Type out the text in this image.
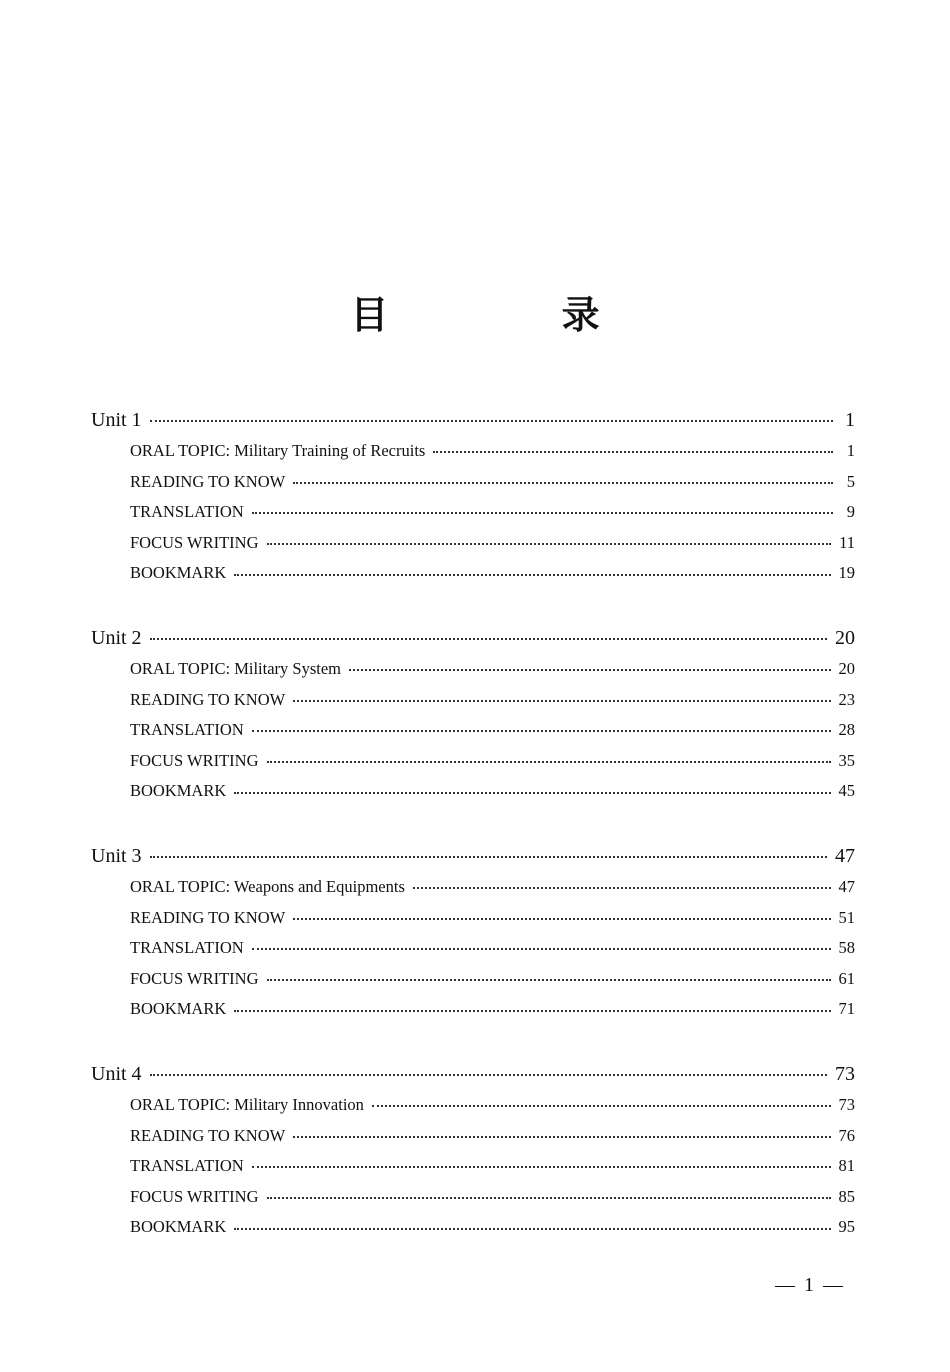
目 录
Unit 1	1
ORAL TOPIC: Military Training of Recruits	1
READING TO KNOW	5
TRANSLATION	9
FOCUS WRITING	11
BOOKMARK	19
Unit 2	20
ORAL TOPIC: Military System	20
READING TO KNOW	23
TRANSLATION	28
FOCUS WRITING	35
BOOKMARK	45
Unit 3	47
ORAL TOPIC: Weapons and Equipments	47
READING TO KNOW	51
TRANSLATION	58
FOCUS WRITING	61
BOOKMARK	71
Unit 4	73
ORAL TOPIC: Military Innovation	73
READING TO KNOW	76
TRANSLATION	81
FOCUS WRITING	85
BOOKMARK	95
— 1 —
